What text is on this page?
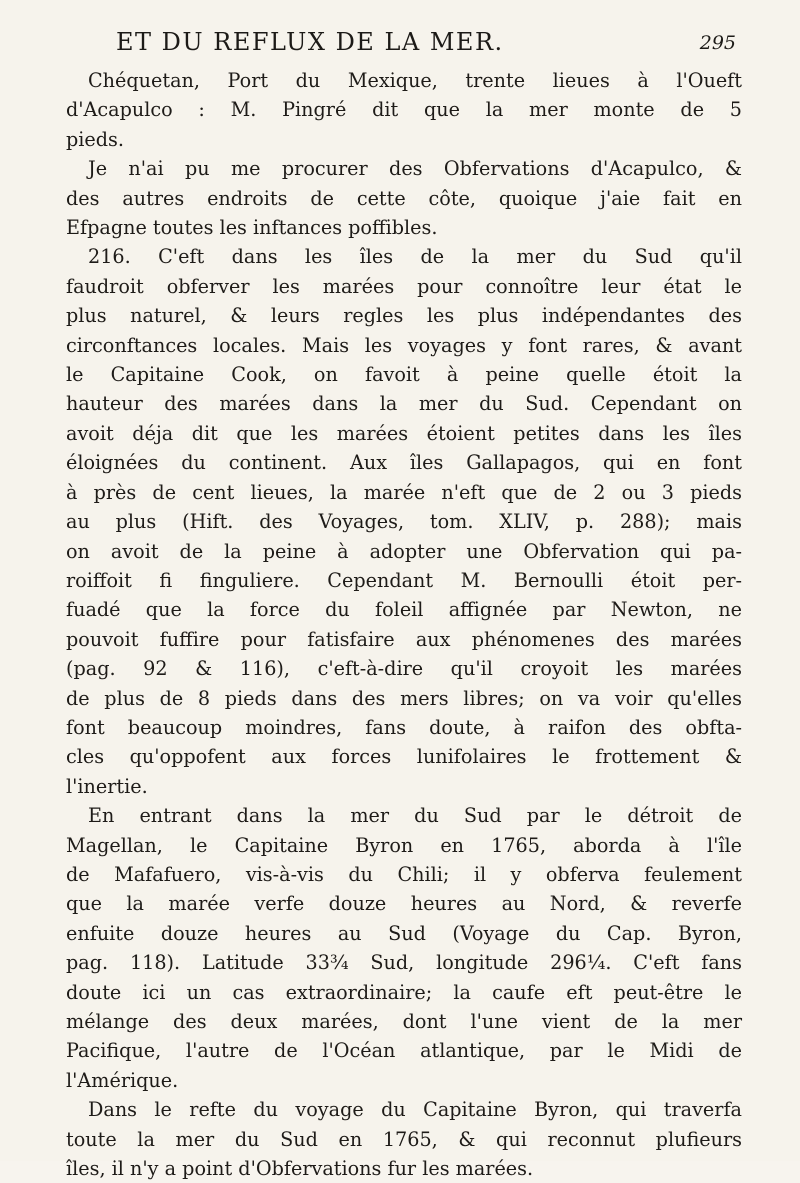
ET DU REFLUX DE LA MER.	295
Chéquetan, Port du Mexique, trente lieues à l'Oueft
d'Acapulco : M. Pingré dit que la mer monte de 5
pieds.
Je n'ai pu me procurer des Obfervations d'Acapulco, &
des autres endroits de cette côte, quoique j'aie fait en
Efpagne toutes les inftances poffibles.
216. C'eft dans les îles de la mer du Sud qu'il
faudroit obferver les marées pour connoître leur état le
plus naturel, & leurs regles les plus indépendantes des
circonftances locales. Mais les voyages y font rares, & avant
le Capitaine Cook, on favoit à peine quelle étoit la
hauteur des marées dans la mer du Sud. Cependant on
avoit déja dit que les marées étoient petites dans les îles
éloignées du continent. Aux îles Gallapagos, qui en font
à près de cent lieues, la marée n'eft que de 2 ou 3 pieds
au plus (Hift. des Voyages, tom. XLIV, p. 288); mais
on avoit de la peine à adopter une Obfervation qui pa-
roiffoit fi finguliere. Cependant M. Bernoulli étoit per-
fuadé que la force du foleil affignée par Newton, ne
pouvoit fuffire pour fatisfaire aux phénomenes des marées
(pag. 92 & 116), c'eft-à-dire qu'il croyoit les marées
de plus de 8 pieds dans des mers libres; on va voir qu'elles
font beaucoup moindres, fans doute, à raifon des obfta-
cles qu'oppofent aux forces lunifolaires le frottement &
l'inertie.
En entrant dans la mer du Sud par le détroit de
Magellan, le Capitaine Byron en 1765, aborda à l'île
de Mafafuero, vis-à-vis du Chili; il y obferva feulement
que la marée verfe douze heures au Nord, & reverfe
enfuite douze heures au Sud (Voyage du Cap. Byron,
pag. 118). Latitude 33¾ Sud, longitude 296¼. C'eft fans
doute ici un cas extraordinaire; la caufe eft peut-être le
mélange des deux marées, dont l'une vient de la mer
Pacifique, l'autre de l'Océan atlantique, par le Midi de
l'Amérique.
Dans le refte du voyage du Capitaine Byron, qui traverfa
toute la mer du Sud en 1765, & qui reconnut plufieurs
îles, il n'y a point d'Obfervations fur les marées.
